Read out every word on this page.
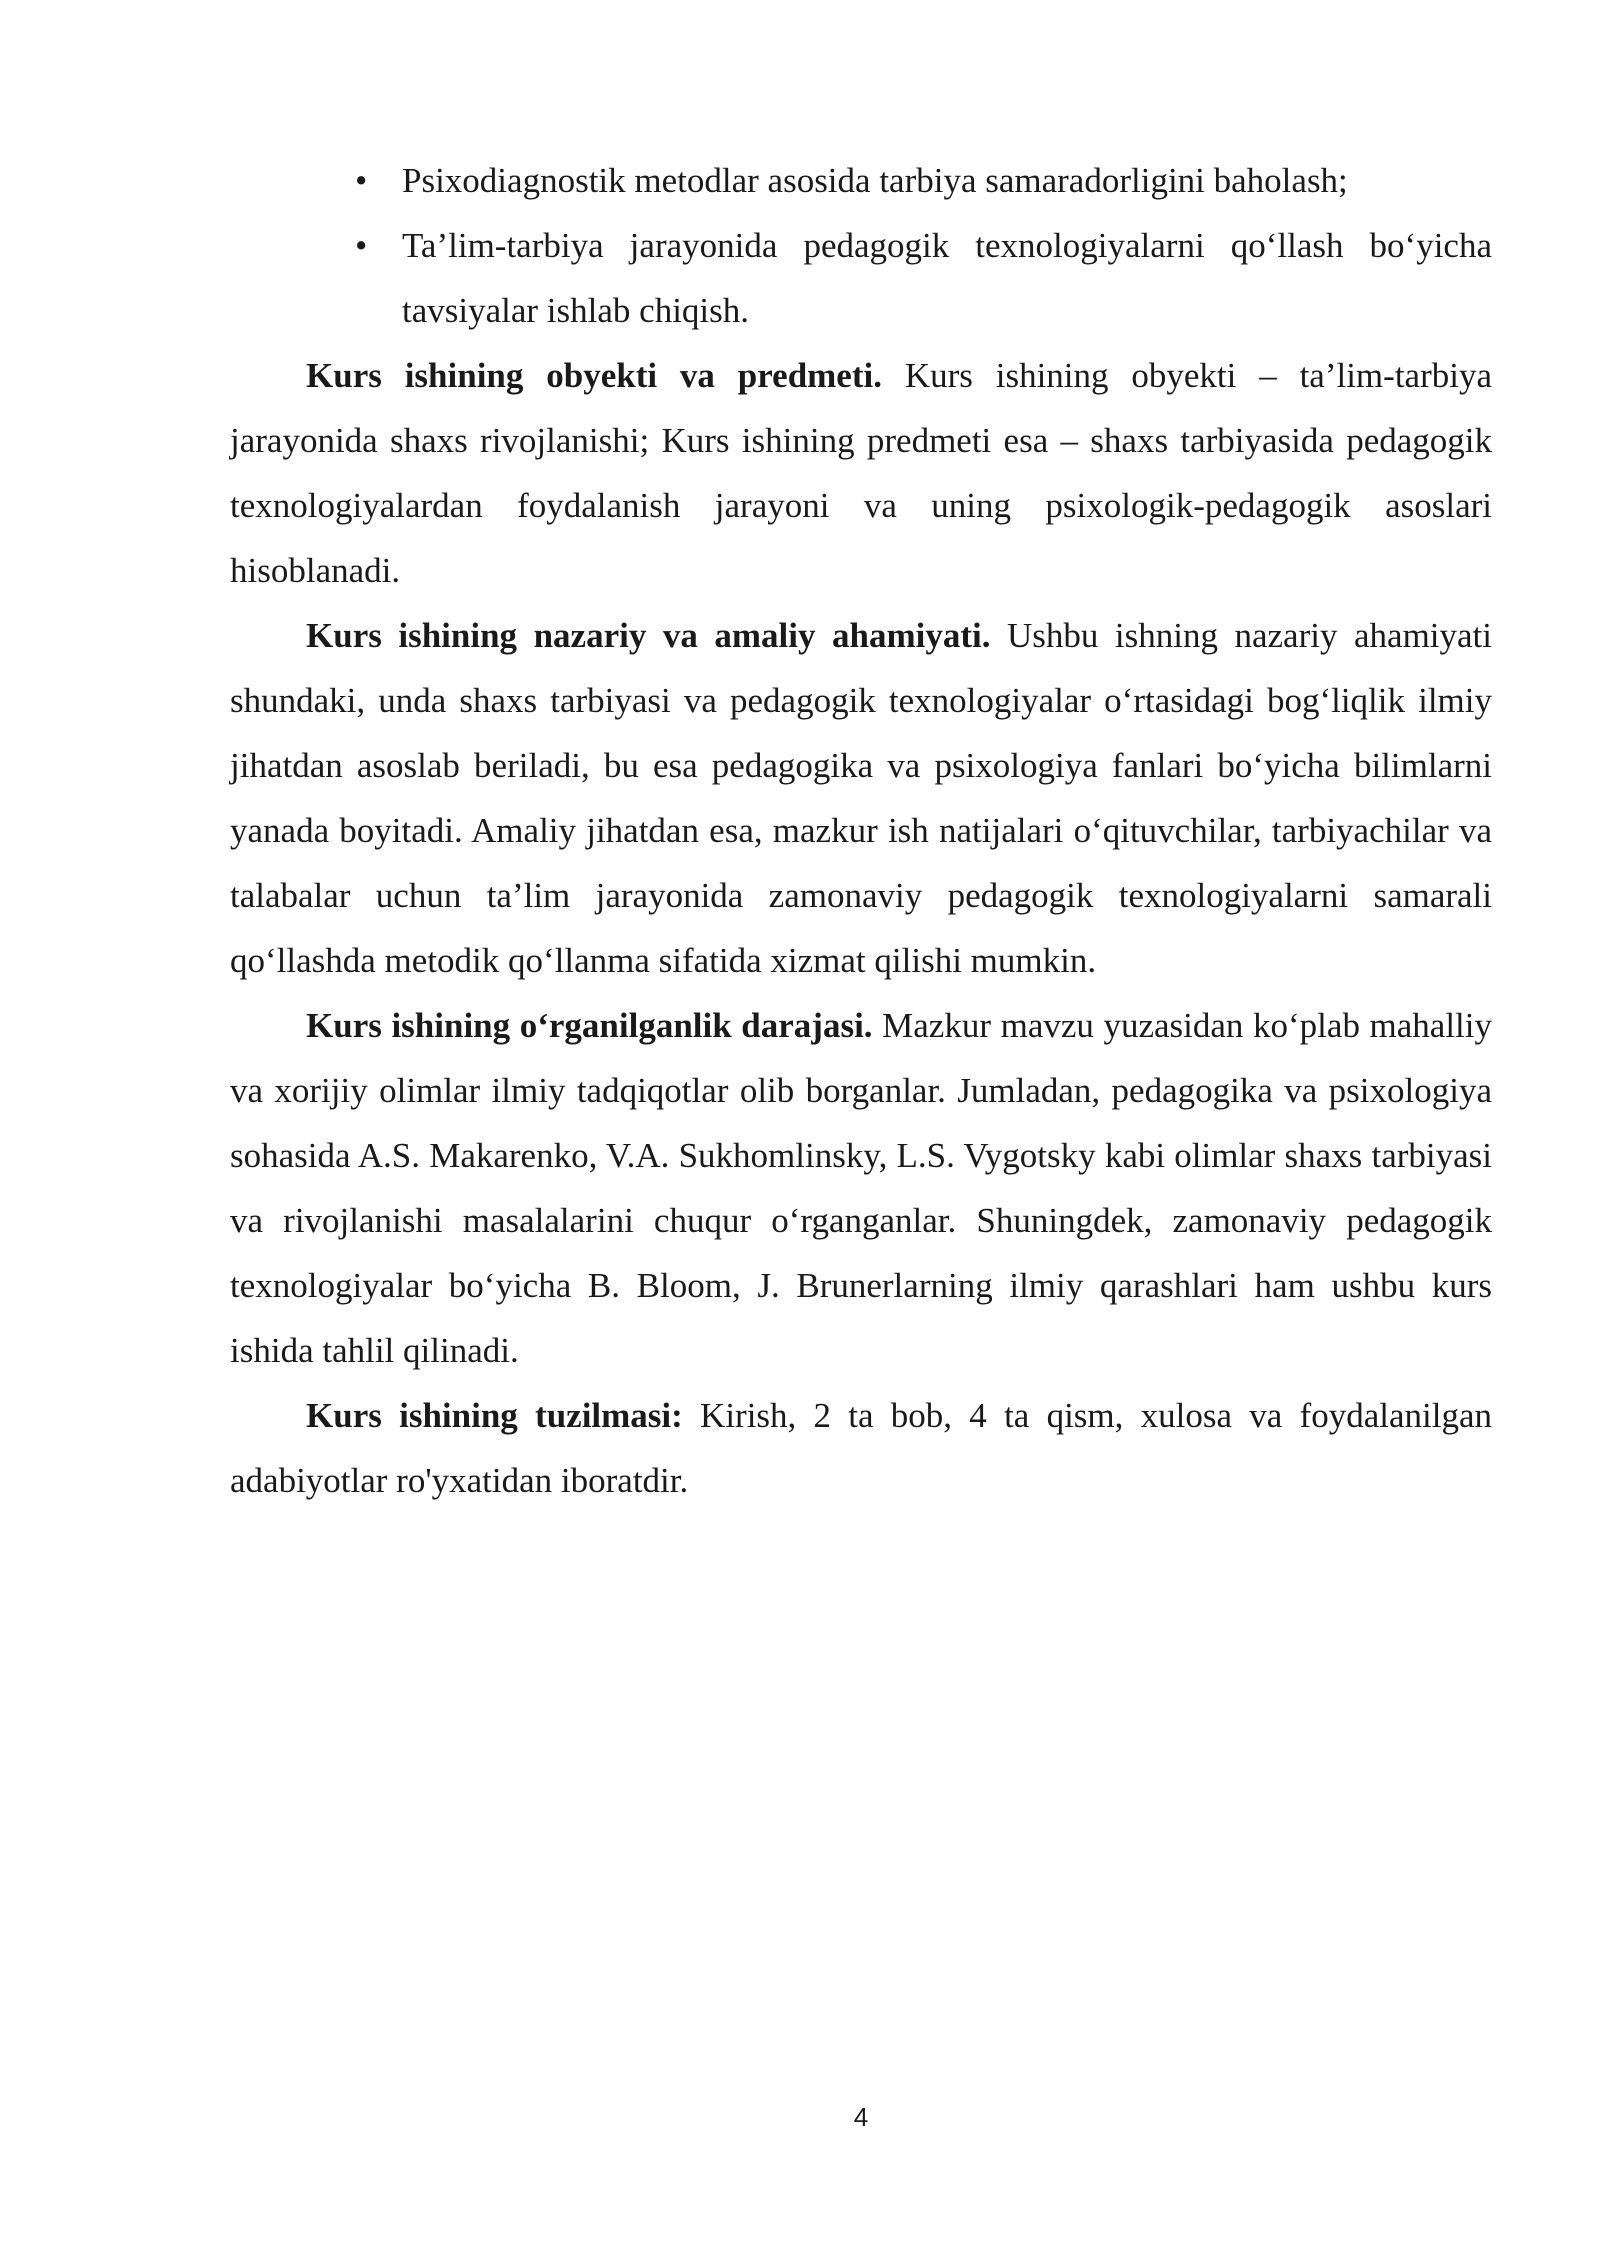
• Psixodiagnostik metodlar asosida tarbiya samaradorligini baholash;
• Ta’lim-tarbiya jarayonida pedagogik texnologiyalarni qo‘llash bo‘yicha tavsiyalar ishlab chiqish.

Kurs ishining obyekti va predmeti. Kurs ishining obyekti – ta’lim-tarbiya jarayonida shaxs rivojlanishi; Kurs ishining predmeti esa – shaxs tarbiyasida pedagogik texnologiyalardan foydalanish jarayoni va uning psixologik-pedagogik asoslari hisoblanadi.

Kurs ishining nazariy va amaliy ahamiyati. Ushbu ishning nazariy ahamiyati shundaki, unda shaxs tarbiyasi va pedagogik texnologiyalar o‘rtasidagi bog‘liqlik ilmiy jihatdan asoslab beriladi, bu esa pedagogika va psixologiya fanlari bo‘yicha bilimlarni yanada boyitadi. Amaliy jihatdan esa, mazkur ish natijalari o‘qituvchilar, tarbiyachilar va talabalar uchun ta’lim jarayonida zamonaviy pedagogik texnologiyalarni samarali qo‘llashda metodik qo‘llanma sifatida xizmat qilishi mumkin.

Kurs ishining o‘rganilganlik darajasi. Mazkur mavzu yuzasidan ko‘plab mahalliy va xorijiy olimlar ilmiy tadqiqotlar olib borganlar. Jumladan, pedagogika va psixologiya sohasida A.S. Makarenko, V.A. Sukhomlinsky, L.S. Vygotsky kabi olimlar shaxs tarbiyasi va rivojlanishi masalalarini chuqur o‘rganganlar. Shuningdek, zamonaviy pedagogik texnologiyalar bo‘yicha B. Bloom, J. Brunerlarning ilmiy qarashlari ham ushbu kurs ishida tahlil qilinadi.

Kurs ishining tuzilmasi: Kirish, 2 ta bob, 4 ta qism, xulosa va foydalanilgan adabiyotlar ro'yxatidan iboratdir.

4
